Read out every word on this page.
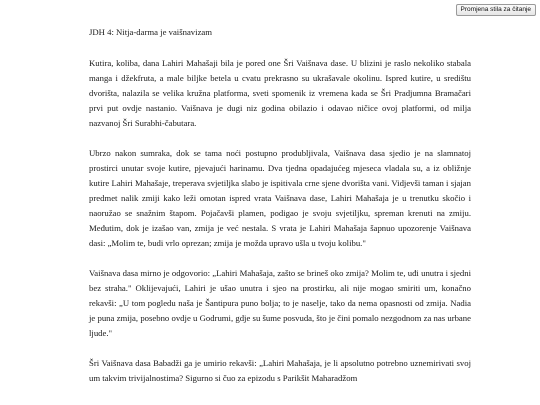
Promjena stila za čitanje
JDH 4: Nitja-darma je vaišnavizam

Kutira, koliba, dana Lahiri Mahašaji bila je pored one Šri Vaišnava dase. U blizini je raslo nekoliko stabala manga i džekfruta, a male biljke betela u cvatu prekrasno su ukrašavale okolinu. Ispred kutire, u središtu dvorišta, nalazila se velika kružna platforma, sveti spomenik iz vremena kada se Šri Pradjumna Bramačari prvi put ovdje nastanio. Vaišnava je dugi niz godina obilazio i odavao ničice ovoj platformi, od milja nazvanoj Šri Surabhi-čabutara.

Ubrzo nakon sumraka, dok se tama noći postupno produbljivala, Vaišnava dasa sjedio je na slamnatoj prostirci unutar svoje kutire, pjevajući harinamu. Dva tjedna opadajućeg mjeseca vladala su, a iz obližnje kutire Lahiri Mahašaje, treperava svjetiljka slabo je ispitivala crne sjene dvorišta vani. Vidjevši taman i sjajan predmet nalik zmiji kako leži omotan ispred vrata Vaišnava dase, Lahiri Mahašaja je u trenutku skočio i naoružao se snažnim štapom. Pojačavši plamen, podigao je svoju svjetiljku, spreman krenuti na zmiju. Međutim, dok je izašao van, zmija je već nestala. S vrata je Lahiri Mahašaja šapnuo upozorenje Vaišnava dasi: „Molim te, budi vrlo oprezan; zmija je možda upravo ušla u tvoju kolibu."

Vaišnava dasa mirno je odgovorio: „Lahiri Mahašaja, zašto se brineš oko zmija? Molim te, uđi unutra i sjedni bez straha." Oklijevajući, Lahiri je ušao unutra i sjeo na prostirku, ali nije mogao smiriti um, konačno rekavši: „U tom pogledu naša je Šantipura puno bolja; to je naselje, tako da nema opasnosti od zmija. Nadia je puna zmija, posebno ovdje u Godrumi, gdje su šume posvuda, što je čini pomalo nezgodnom za nas urbane ljude."

Šri Vaišnava dasa Babadži ga je umirio rekavši: „Lahiri Mahašaja, je li apsolutno potrebno uznemirivati svoj um takvim trivijalnostima? Sigurno si čuo za epizodu s Parikšit Maharadžom
